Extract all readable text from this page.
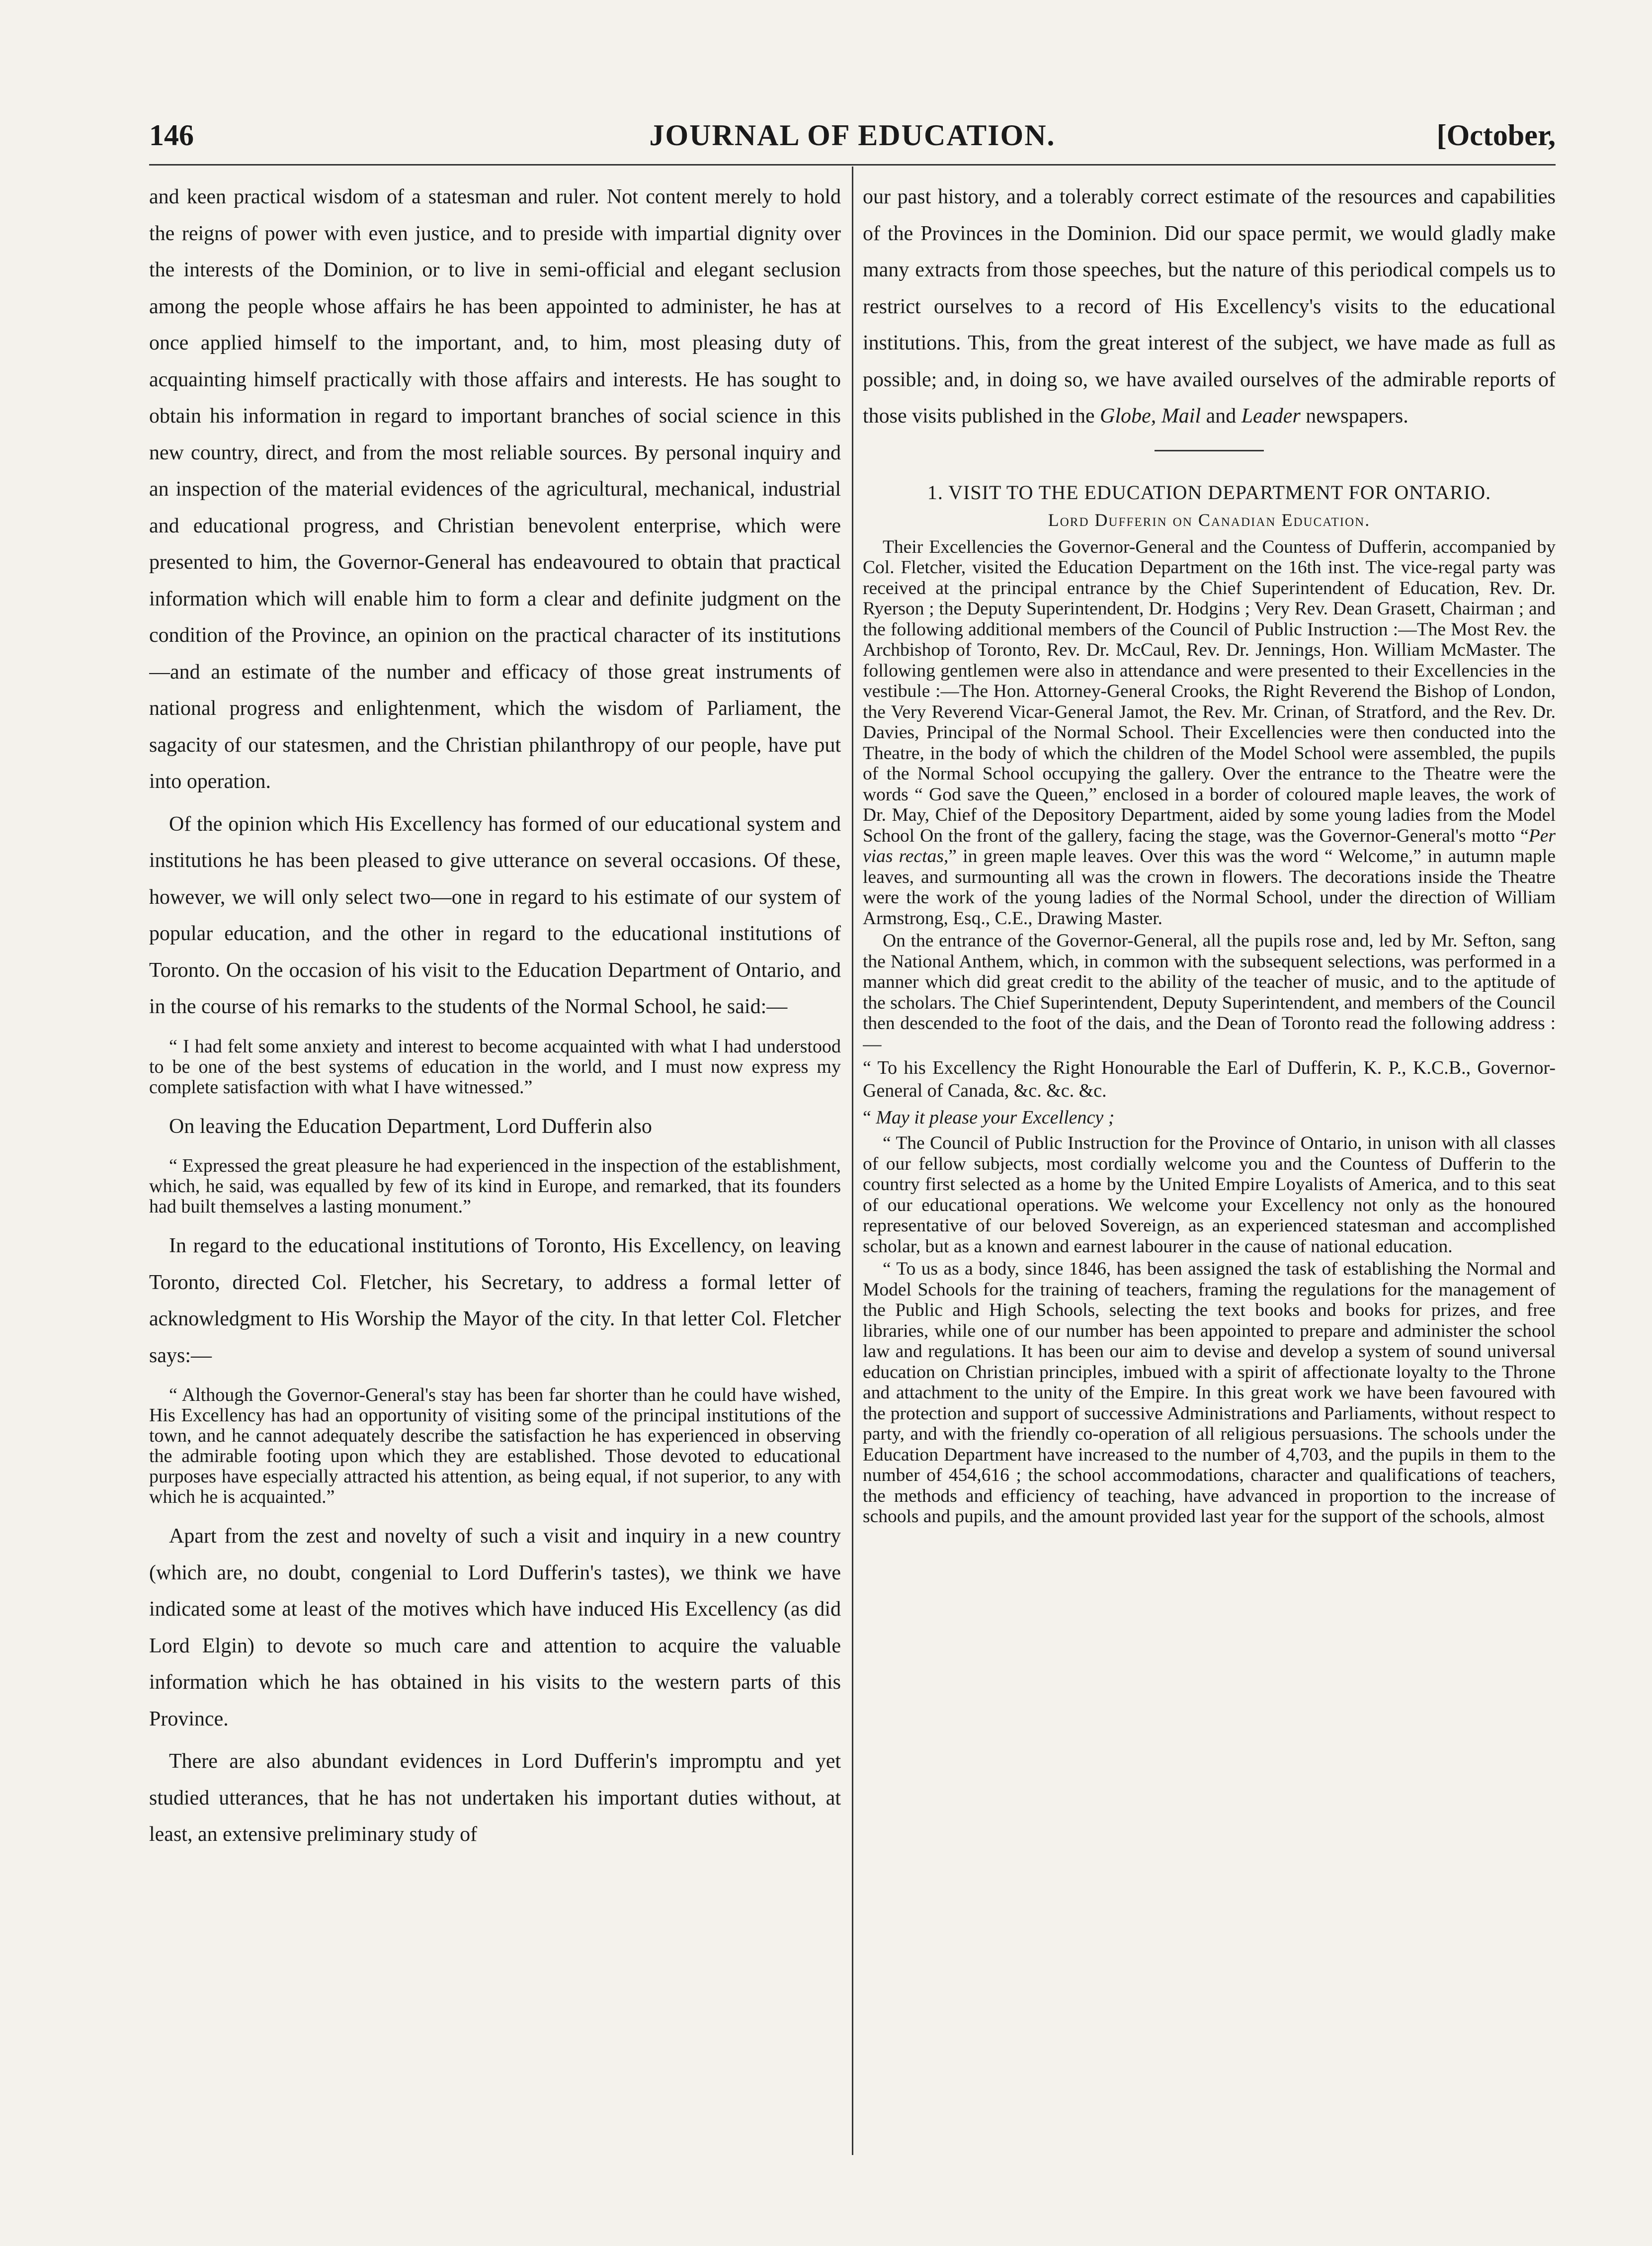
146	JOURNAL OF EDUCATION.	[October,

and keen practical wisdom of a statesman and ruler. Not content merely to hold the reigns of power with even justice, and to preside with impartial dignity over the interests of the Dominion, or to live in semi-official and elegant seclusion among the people whose affairs he has been appointed to administer, he has at once applied himself to the important, and, to him, most pleasing duty of acquainting himself practically with those affairs and interests. He has sought to obtain his information in regard to important branches of social science in this new country, direct, and from the most reliable sources. By personal inquiry and an inspection of the material evidences of the agricultural, mechanical, industrial and educational progress, and Christian benevolent enterprise, which were presented to him, the Governor-General has endeavoured to obtain that practical information which will enable him to form a clear and definite judgment on the condition of the Province, an opinion on the practical character of its institutions—and an estimate of the number and efficacy of those great instruments of national progress and enlightenment, which the wisdom of Parliament, the sagacity of our statesmen, and the Christian philanthropy of our people, have put into operation.

Of the opinion which His Excellency has formed of our educational system and institutions he has been pleased to give utterance on several occasions. Of these, however, we will only select two—one in regard to his estimate of our system of popular education, and the other in regard to the educational institutions of Toronto. On the occasion of his visit to the Education Department of Ontario, and in the course of his remarks to the students of the Normal School, he said:—

“ I had felt some anxiety and interest to become acquainted with what I had understood to be one of the best systems of education in the world, and I must now express my complete satisfaction with what I have witnessed.”

On leaving the Education Department, Lord Dufferin also

“ Expressed the great pleasure he had experienced in the inspection of the establishment, which, he said, was equalled by few of its kind in Europe, and remarked, that its founders had built themselves a lasting monument.”

In regard to the educational institutions of Toronto, His Excellency, on leaving Toronto, directed Col. Fletcher, his Secretary, to address a formal letter of acknowledgment to His Worship the Mayor of the city. In that letter Col. Fletcher says:—

“ Although the Governor-General's stay has been far shorter than he could have wished, His Excellency has had an opportunity of visiting some of the principal institutions of the town, and he cannot adequately describe the satisfaction he has experienced in observing the admirable footing upon which they are established. Those devoted to educational purposes have especially attracted his attention, as being equal, if not superior, to any with which he is acquainted.”

Apart from the zest and novelty of such a visit and inquiry in a new country (which are, no doubt, congenial to Lord Dufferin's tastes), we think we have indicated some at least of the motives which have induced His Excellency (as did Lord Elgin) to devote so much care and attention to acquire the valuable information which he has obtained in his visits to the western parts of this Province.

There are also abundant evidences in Lord Dufferin's impromptu and yet studied utterances, that he has not undertaken his important duties without, at least, an extensive preliminary study of

our past history, and a tolerably correct estimate of the resources and capabilities of the Provinces in the Dominion. Did our space permit, we would gladly make many extracts from those speeches, but the nature of this periodical compels us to restrict ourselves to a record of His Excellency's visits to the educational institutions. This, from the great interest of the subject, we have made as full as possible; and, in doing so, we have availed ourselves of the admirable reports of those visits published in the Globe, Mail and Leader newspapers.

1. VISIT TO THE EDUCATION DEPARTMENT FOR ONTARIO.
Lord Dufferin on Canadian Education.

Their Excellencies the Governor-General and the Countess of Dufferin, accompanied by Col. Fletcher, visited the Education Department on the 16th inst. The vice-regal party was received at the principal entrance by the Chief Superintendent of Education, Rev. Dr. Ryerson ; the Deputy Superintendent, Dr. Hodgins ; Very Rev. Dean Grasett, Chairman ; and the following additional members of the Council of Public Instruction :—The Most Rev. the Archbishop of Toronto, Rev. Dr. McCaul, Rev. Dr. Jennings, Hon. William McMaster. The following gentlemen were also in attendance and were presented to their Excellencies in the vestibule :—The Hon. Attorney-General Crooks, the Right Reverend the Bishop of London, the Very Reverend Vicar-General Jamot, the Rev. Mr. Crinan, of Stratford, and the Rev. Dr. Davies, Principal of the Normal School. Their Excellencies were then conducted into the Theatre, in the body of which the children of the Model School were assembled, the pupils of the Normal School occupying the gallery. Over the entrance to the Theatre were the words “ God save the Queen,” enclosed in a border of coloured maple leaves, the work of Dr. May, Chief of the Depository Department, aided by some young ladies from the Model School On the front of the gallery, facing the stage, was the Governor-General's motto “Per vias rectas,” in green maple leaves. Over this was the word “ Welcome,” in autumn maple leaves, and surmounting all was the crown in flowers. The decorations inside the Theatre were the work of the young ladies of the Normal School, under the direction of William Armstrong, Esq., C.E., Drawing Master.

On the entrance of the Governor-General, all the pupils rose and, led by Mr. Sefton, sang the National Anthem, which, in common with the subsequent selections, was performed in a manner which did great credit to the ability of the teacher of music, and to the aptitude of the scholars. The Chief Superintendent, Deputy Superintendent, and members of the Council then descended to the foot of the dais, and the Dean of Toronto read the following address :—

“ To his Excellency the Right Honourable the Earl of Dufferin, K. P., K.C.B., Governor-General of Canada, &c. &c. &c.

“ May it please your Excellency ;

“ The Council of Public Instruction for the Province of Ontario, in unison with all classes of our fellow subjects, most cordially welcome you and the Countess of Dufferin to the country first selected as a home by the United Empire Loyalists of America, and to this seat of our educational operations. We welcome your Excellency not only as the honoured representative of our beloved Sovereign, as an experienced statesman and accomplished scholar, but as a known and earnest labourer in the cause of national education.

“ To us as a body, since 1846, has been assigned the task of establishing the Normal and Model Schools for the training of teachers, framing the regulations for the management of the Public and High Schools, selecting the text books and books for prizes, and free libraries, while one of our number has been appointed to prepare and administer the school law and regulations. It has been our aim to devise and develop a system of sound universal education on Christian principles, imbued with a spirit of affectionate loyalty to the Throne and attachment to the unity of the Empire. In this great work we have been favoured with the protection and support of successive Administrations and Parliaments, without respect to party, and with the friendly co-operation of all religious persuasions. The schools under the Education Department have increased to the number of 4,703, and the pupils in them to the number of 454,616 ; the school accommodations, character and qualifications of teachers, the methods and efficiency of teaching, have advanced in proportion to the increase of schools and pupils, and the amount provided last year for the support of the schools, almost
